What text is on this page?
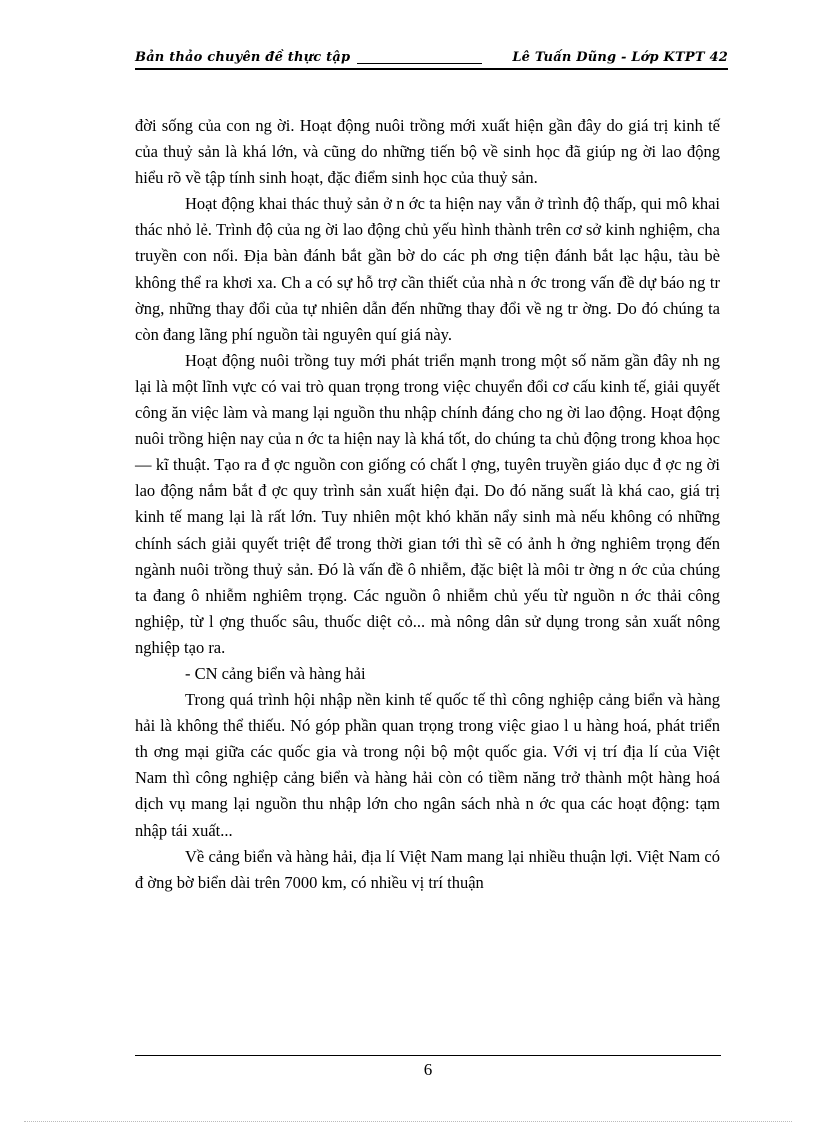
Bản thảo chuyên đề thực tập	Lê Tuấn Dũng - Lớp KTPT 42

đời sống của con ng ời. Hoạt động nuôi trồng mới xuất hiện gần đây do giá trị kinh tế của thuỷ sản là khá lớn, và cũng do những tiến bộ về sinh học đã giúp ng ời lao động hiểu rõ về tập tính sinh hoạt, đặc điểm sinh học của thuỷ sản.

Hoạt động khai thác thuỷ sản ở n ớc ta hiện nay vẫn ở trình độ thấp, qui mô khai thác nhỏ lẻ. Trình độ của ng ời lao động chủ yếu hình thành trên cơ sở kinh nghiệm, cha truyền con nối. Địa bàn đánh bắt gần bờ do các ph ơng tiện đánh bắt lạc hậu, tàu bè không thể ra khơi xa. Ch a có sự hỗ trợ cần thiết của nhà n ớc trong vấn đề dự báo ng tr ờng, những thay đổi của tự nhiên dẫn đến những thay đổi về ng tr ờng. Do đó chúng ta còn đang lãng phí nguồn tài nguyên quí giá này.

Hoạt động nuôi trồng tuy mới phát triển mạnh trong một số năm gần đây nh ng lại là một lĩnh vực có vai trò quan trọng trong việc chuyển đổi cơ cấu kinh tế, giải quyết công ăn việc làm và mang lại nguồn thu nhập chính đáng cho ng ời lao động. Hoạt động nuôi trồng hiện nay của n ớc ta hiện nay là khá tốt, do chúng ta chủ động trong khoa học — kĩ thuật. Tạo ra đ ợc nguồn con giống có chất l ợng, tuyên truyền giáo dục đ ợc ng ời lao động nắm bắt đ ợc quy trình sản xuất hiện đại. Do đó năng suất là khá cao, giá trị kinh tế mang lại là rất lớn. Tuy nhiên một khó khăn nẩy sinh mà nếu không có những chính sách giải quyết triệt để trong thời gian tới thì sẽ có ảnh h ởng nghiêm trọng đến ngành nuôi trồng thuỷ sản. Đó là vấn đề ô nhiễm, đặc biệt là môi tr ờng n ớc của chúng ta đang ô nhiễm nghiêm trọng. Các nguồn ô nhiễm chủ yếu từ nguồn n ớc thải công nghiệp, từ l ợng thuốc sâu, thuốc diệt cỏ... mà nông dân sử dụng trong sản xuất nông nghiệp tạo ra.

- CN cảng biển và hàng hải

Trong quá trình hội nhập nền kinh tế quốc tế thì công nghiệp cảng biển và hàng hải là không thể thiếu. Nó góp phần quan trọng trong việc giao l u hàng hoá, phát triển th ơng mại giữa các quốc gia và trong nội bộ một quốc gia. Với vị trí địa lí của Việt Nam thì công nghiệp cảng biển và hàng hải còn có tiềm năng trở thành một hàng hoá dịch vụ mang lại nguồn thu nhập lớn cho ngân sách nhà n ớc qua các hoạt động: tạm nhập tái xuất...

Về cảng biển và hàng hải, địa lí Việt Nam mang lại nhiều thuận lợi. Việt Nam có đ ờng bờ biển dài trên 7000 km, có nhiều vị trí thuận

6
